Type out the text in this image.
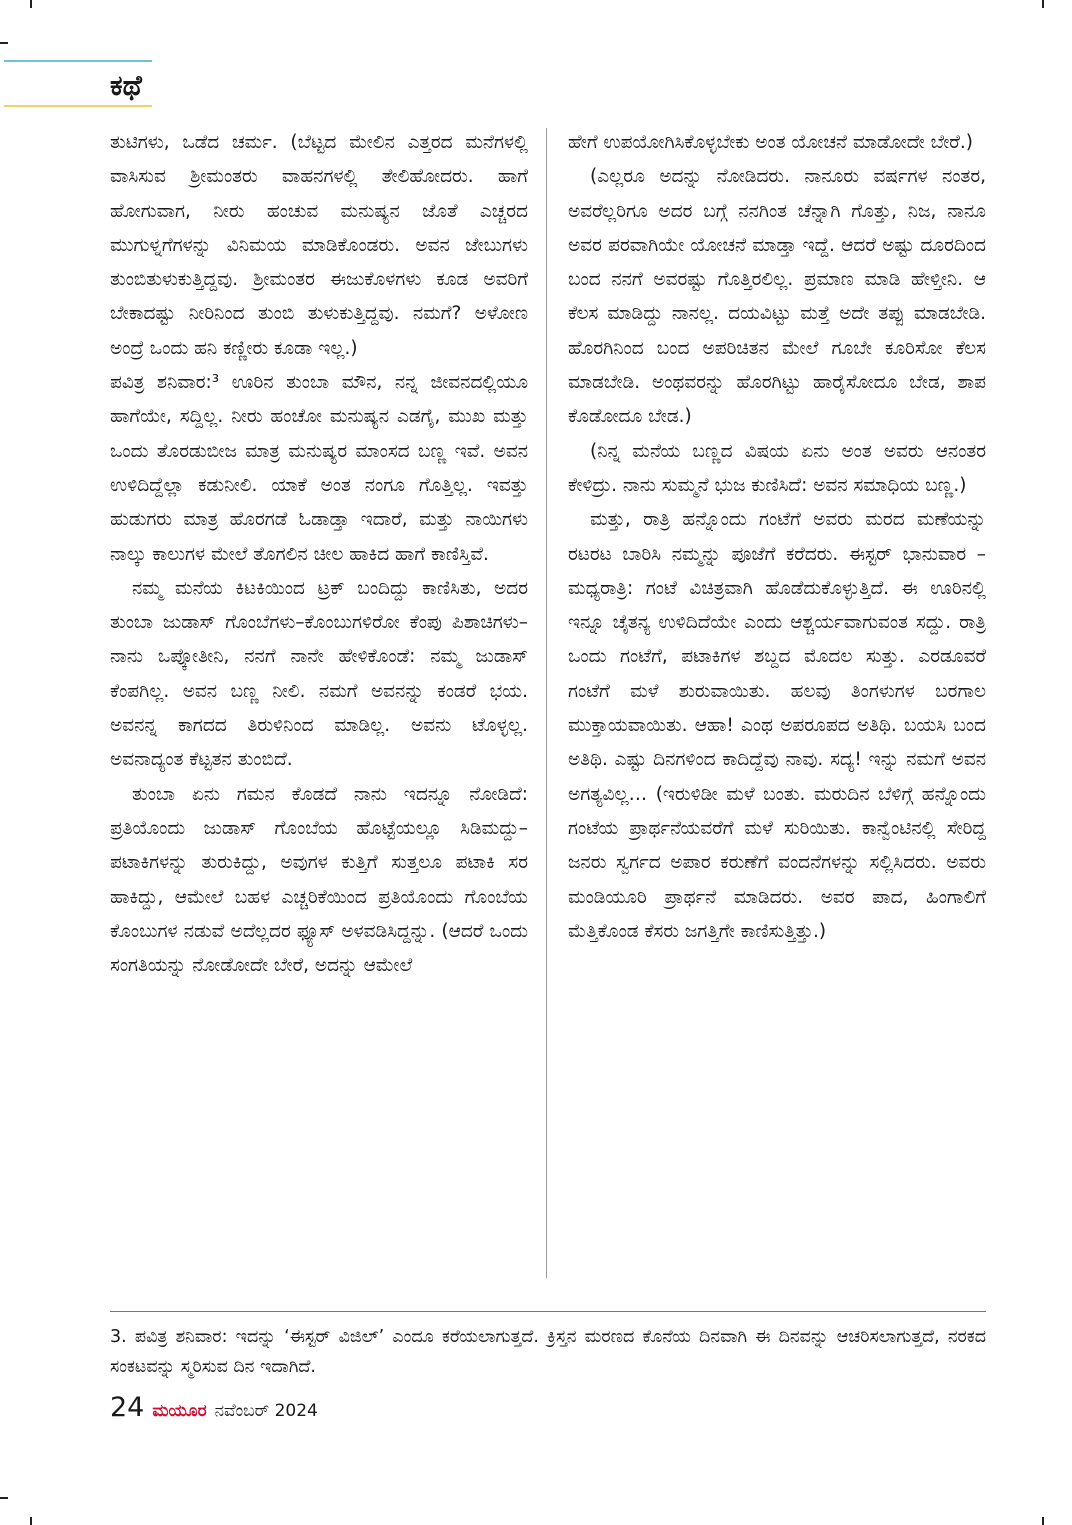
ಕಥೆ

ತುಟಿಗಳು, ಒಡೆದ ಚರ್ಮ. (ಬೆಟ್ಟದ ಮೇಲಿನ ಎತ್ತರದ ಮನೆಗಳಲ್ಲಿ ವಾಸಿಸುವ ಶ್ರೀಮಂತರು ವಾಹನಗಳಲ್ಲಿ ತೇಲಿಹೋದರು. ಹಾಗೆ ಹೋಗುವಾಗ, ನೀರು ಹಂಚುವ ಮನುಷ್ಯನ ಜೊತೆ ಎಚ್ಚರದ ಮುಗುಳ್ನಗೆಗಳನ್ನು ವಿನಿಮಯ ಮಾಡಿಕೊಂಡರು. ಅವನ ಜೇಬುಗಳು ತುಂಬಿತುಳುಕುತ್ತಿದ್ದವು. ಶ್ರೀಮಂತರ ಈಜುಕೊಳಗಳು ಕೂಡ ಅವರಿಗೆ ಬೇಕಾದಷ್ಟು ನೀರಿನಿಂದ ತುಂಬಿ ತುಳುಕುತ್ತಿದ್ದವು. ನಮಗೆ? ಅಳೋಣ ಅಂದ್ರೆ ಒಂದು ಹನಿ ಕಣ್ಣೀರು ಕೂಡಾ ಇಲ್ಲ.)

ಪವಿತ್ರ ಶನಿವಾರ:³ ಊರಿನ ತುಂಬಾ ಮೌನ, ನನ್ನ ಜೀವನದಲ್ಲಿಯೂ ಹಾಗೆಯೇ, ಸದ್ದಿಲ್ಲ. ನೀರು ಹಂಚೋ ಮನುಷ್ಯನ ಎಡಗೈ, ಮುಖ ಮತ್ತು ಒಂದು ತೊರಡುಬೀಜ ಮಾತ್ರ ಮನುಷ್ಯರ ಮಾಂಸದ ಬಣ್ಣ ಇವೆ. ಅವನ ಉಳಿದಿದ್ದೆಲ್ಲಾ ಕಡುನೀಲಿ. ಯಾಕೆ ಅಂತ ನಂಗೂ ಗೊತ್ತಿಲ್ಲ. ಇವತ್ತು ಹುಡುಗರು ಮಾತ್ರ ಹೊರಗಡೆ ಓಡಾಡ್ತಾ ಇದಾರೆ, ಮತ್ತು ನಾಯಿಗಳು ನಾಲ್ಕು ಕಾಲುಗಳ ಮೇಲೆ ತೊಗಲಿನ ಚೀಲ ಹಾಕಿದ ಹಾಗೆ ಕಾಣಿಸ್ತಿವೆ.

ನಮ್ಮ ಮನೆಯ ಕಿಟಕಿಯಿಂದ ಟ್ರಕ್ ಬಂದಿದ್ದು ಕಾಣಿಸಿತು, ಅದರ ತುಂಬಾ ಜುಡಾಸ್ ಗೊಂಬೆಗಳು–ಕೊಂಬುಗಳಿರೋ ಕೆಂಪು ಪಿಶಾಚಿಗಳು– ನಾನು ಒಪ್ಕೋತೀನಿ, ನನಗೆ ನಾನೇ ಹೇಳಿಕೊಂಡೆ: ನಮ್ಮ ಜುಡಾಸ್ ಕೆಂಪಗಿಲ್ಲ. ಅವನ ಬಣ್ಣ ನೀಲಿ. ನಮಗೆ ಅವನನ್ನು ಕಂಡರೆ ಭಯ. ಅವನನ್ನ ಕಾಗದದ ತಿರುಳಿನಿಂದ ಮಾಡಿಲ್ಲ. ಅವನು ಟೊಳ್ಳಲ್ಲ. ಅವನಾದ್ಯಂತ ಕೆಟ್ಟತನ ತುಂಬಿದೆ.

ತುಂಬಾ ಏನು ಗಮನ ಕೊಡದೆ ನಾನು ಇದನ್ನೂ ನೋಡಿದೆ: ಪ್ರತಿಯೊಂದು ಜುಡಾಸ್ ಗೊಂಬೆಯ ಹೊಟ್ಟೆಯಲ್ಲೂ ಸಿಡಿಮದ್ದು–ಪಟಾಕಿಗಳನ್ನು ತುರುಕಿದ್ದು, ಅವುಗಳ ಕುತ್ತಿಗೆ ಸುತ್ತಲೂ ಪಟಾಕಿ ಸರ ಹಾಕಿದ್ದು, ಆಮೇಲೆ ಬಹಳ ಎಚ್ಚರಿಕೆಯಿಂದ ಪ್ರತಿಯೊಂದು ಗೊಂಬೆಯ ಕೊಂಬುಗಳ ನಡುವೆ ಅದೆಲ್ಲದರ ಫ್ಯೂಸ್ ಅಳವಡಿಸಿದ್ದನ್ನು. (ಆದರೆ ಒಂದು ಸಂಗತಿಯನ್ನು ನೋಡೋದೇ ಬೇರೆ, ಅದನ್ನು ಆಮೇಲೆ

ಹೇಗೆ ಉಪಯೋಗಿಸಿಕೊಳ್ಳಬೇಕು ಅಂತ ಯೋಚನೆ ಮಾಡೋದೇ ಬೇರೆ.)

(ಎಲ್ಲರೂ ಅದನ್ನು ನೋಡಿದರು. ನಾನೂರು ವರ್ಷಗಳ ನಂತರ, ಅವರೆಲ್ಲರಿಗೂ ಅದರ ಬಗ್ಗೆ ನನಗಿಂತ ಚೆನ್ನಾಗಿ ಗೊತ್ತು, ನಿಜ, ನಾನೂ ಅವರ ಪರವಾಗಿಯೇ ಯೋಚನೆ ಮಾಡ್ತಾ ಇದ್ದೆ. ಆದರೆ ಅಷ್ಟು ದೂರದಿಂದ ಬಂದ ನನಗೆ ಅವರಷ್ಟು ಗೊತ್ತಿರಲಿಲ್ಲ. ಪ್ರಮಾಣ ಮಾಡಿ ಹೇಳ್ತೀನಿ. ಆ ಕೆಲಸ ಮಾಡಿದ್ದು ನಾನಲ್ಲ. ದಯವಿಟ್ಟು ಮತ್ತೆ ಅದೇ ತಪ್ಪು ಮಾಡಬೇಡಿ. ಹೊರಗಿನಿಂದ ಬಂದ ಅಪರಿಚಿತನ ಮೇಲೆ ಗೂಬೇ ಕೂರಿಸೋ ಕೆಲಸ ಮಾಡಬೇಡಿ. ಅಂಥವರನ್ನು ಹೊರಗಿಟ್ಟು ಹಾರೈಸೋದೂ ಬೇಡ, ಶಾಪ ಕೊಡೋದೂ ಬೇಡ.)

(ನಿನ್ನ ಮನೆಯ ಬಣ್ಣದ ವಿಷಯ ಏನು ಅಂತ ಅವರು ಆನಂತರ ಕೇಳಿದ್ರು. ನಾನು ಸುಮ್ಮನೆ ಭುಜ ಕುಣಿಸಿದೆ: ಅವನ ಸಮಾಧಿಯ ಬಣ್ಣ.)

ಮತ್ತು, ರಾತ್ರಿ ಹನ್ನೊಂದು ಗಂಟೆಗೆ ಅವರು ಮರದ ಮಣೆಯನ್ನು ರಟರಟ ಬಾರಿಸಿ ನಮ್ಮನ್ನು ಪೂಜೆಗೆ ಕರೆದರು. ಈಸ್ಟರ್ ಭಾನುವಾರ – ಮಧ್ಯರಾತ್ರಿ: ಗಂಟೆ ವಿಚಿತ್ರವಾಗಿ ಹೊಡೆದುಕೊಳ್ಳುತ್ತಿದೆ. ಈ ಊರಿನಲ್ಲಿ ಇನ್ನೂ ಚೈತನ್ಯ ಉಳಿದಿದೆಯೇ ಎಂದು ಆಶ್ಚರ್ಯವಾಗುವಂತ ಸದ್ದು. ರಾತ್ರಿ ಒಂದು ಗಂಟೆಗೆ, ಪಟಾಕಿಗಳ ಶಬ್ದದ ಮೊದಲ ಸುತ್ತು. ಎರಡೂವರೆ ಗಂಟೆಗೆ ಮಳೆ ಶುರುವಾಯಿತು. ಹಲವು ತಿಂಗಳುಗಳ ಬರಗಾಲ ಮುಕ್ತಾಯವಾಯಿತು. ಆಹಾ! ಎಂಥ ಅಪರೂಪದ ಅತಿಥಿ. ಬಯಸಿ ಬಂದ ಅತಿಥಿ. ಎಷ್ಟು ದಿನಗಳಿಂದ ಕಾದಿದ್ದೆವು ನಾವು. ಸದ್ಯ! ಇನ್ನು ನಮಗೆ ಅವನ ಅಗತ್ಯವಿಲ್ಲ… (ಇರುಳಿಡೀ ಮಳೆ ಬಂತು. ಮರುದಿನ ಬೆಳಿಗ್ಗೆ ಹನ್ನೊಂದು ಗಂಟೆಯ ಪ್ರಾರ್ಥನೆಯವರೆಗೆ ಮಳೆ ಸುರಿಯಿತು. ಕಾನ್ವೆಂಟಿನಲ್ಲಿ ಸೇರಿದ್ದ ಜನರು ಸ್ವರ್ಗದ ಅಪಾರ ಕರುಣೆಗೆ ವಂದನೆಗಳನ್ನು ಸಲ್ಲಿಸಿದರು. ಅವರು ಮಂಡಿಯೂರಿ ಪ್ರಾರ್ಥನೆ ಮಾಡಿದರು. ಅವರ ಪಾದ, ಹಿಂಗಾಲಿಗೆ ಮೆತ್ತಿಕೊಂಡ ಕೆಸರು ಜಗತ್ತಿಗೇ ಕಾಣಿಸುತ್ತಿತ್ತು.)

3. ಪವಿತ್ರ ಶನಿವಾರ: ಇದನ್ನು ‘ಈಸ್ಟರ್ ವಿಜಿಲ್’ ಎಂದೂ ಕರೆಯಲಾಗುತ್ತದೆ. ಕ್ರಿಸ್ತನ ಮರಣದ ಕೊನೆಯ ದಿನವಾಗಿ ಈ ದಿನವನ್ನು ಆಚರಿಸಲಾಗುತ್ತದೆ, ನರಕದ ಸಂಕಟವನ್ನು ಸ್ಮರಿಸುವ ದಿನ ಇದಾಗಿದೆ.
24 ಮಯೂರ ನವೆಂಬರ್ 2024
